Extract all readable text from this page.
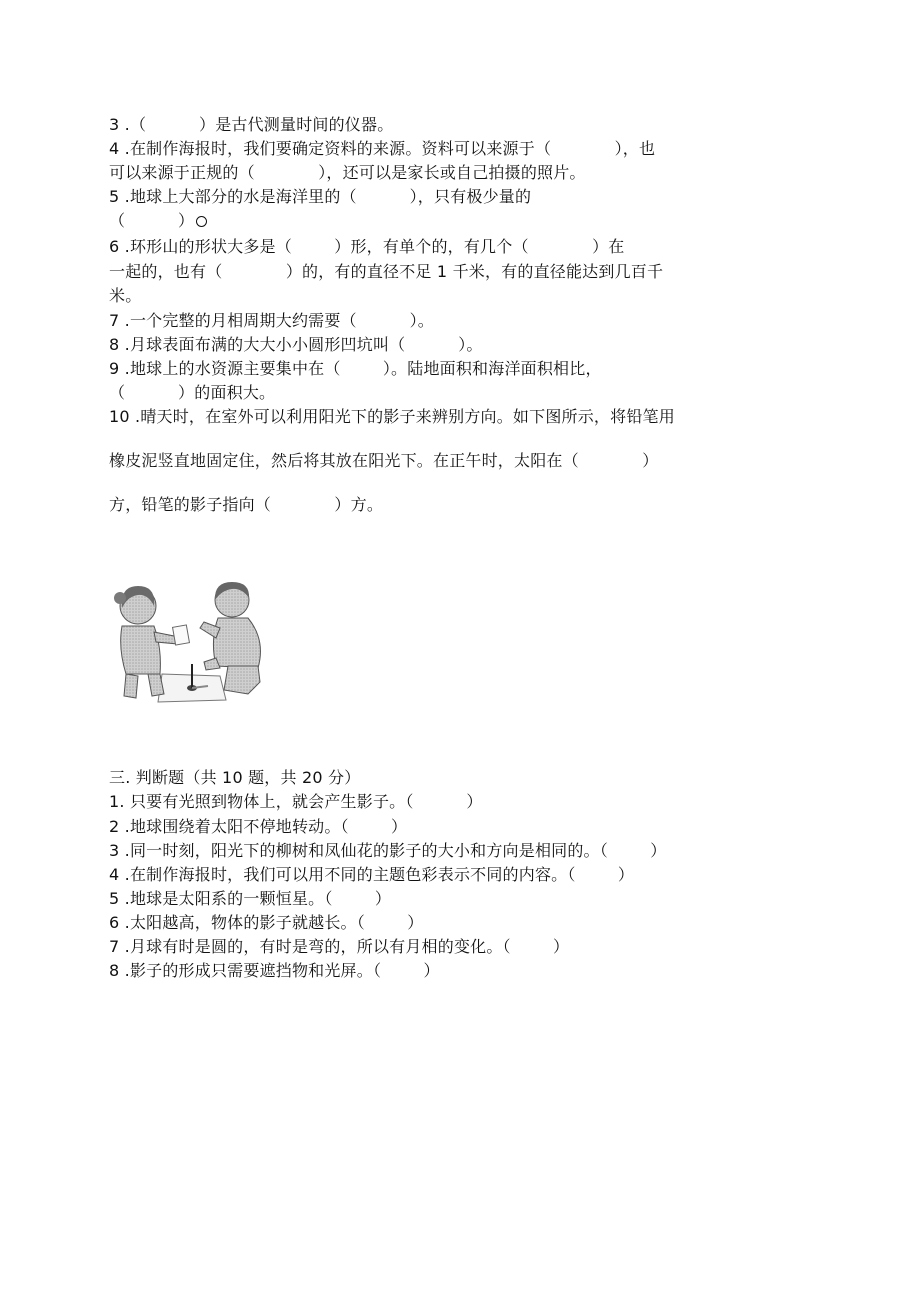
3 .（          ）是古代测量时间的仪器。
4 .在制作海报时，我们要确定资料的来源。资料可以来源于（            ），也
可以来源于正规的（            ），还可以是家长或自己拍摄的照片。
5 .地球上大部分的水是海洋里的（          ），只有极少量的
（          ）
6 .环形山的形状大多是（        ）形，有单个的，有几个（            ）在
一起的，也有（            ）的，有的直径不足 1 千米，有的直径能达到几百千
米。
7 .一个完整的月相周期大约需要（          ）。
8 .月球表面布满的大大小小圆形凹坑叫（          ）。
9 .地球上的水资源主要集中在（        ）。陆地面积和海洋面积相比，
（          ）的面积大。
10 .晴天时，在室外可以利用阳光下的影子来辨别方向。如下图所示，将铅笔用
橡皮泥竖直地固定住，然后将其放在阳光下。在正午时，太阳在（            ）
方，铅笔的影子指向（            ）方。
三. 判断题（共 10 题，共 20 分）
1. 只要有光照到物体上，就会产生影子。（          ）
2 .地球围绕着太阳不停地转动。（        ）
3 .同一时刻，阳光下的柳树和凤仙花的影子的大小和方向是相同的。（        ）
4 .在制作海报时，我们可以用不同的主题色彩表示不同的内容。（        ）
5 .地球是太阳系的一颗恒星。（        ）
6 .太阳越高，物体的影子就越长。（        ）
7 .月球有时是圆的，有时是弯的，所以有月相的变化。（        ）
8 .影子的形成只需要遮挡物和光屏。（        ）
